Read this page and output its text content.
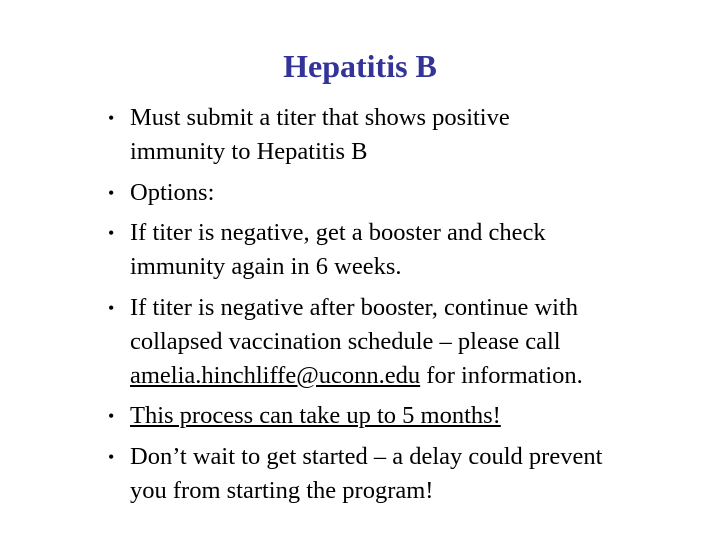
Hepatitis B
• Must submit a titer that shows positive
immunity to Hepatitis B
• Options:
• If titer is negative, get a booster and check
immunity again in 6 weeks.
• If titer is negative after booster, continue with
collapsed vaccination schedule – please call
amelia.hinchliffe@uconn.edu for information.
• This process can take up to 5 months!
• Don’t wait to get started – a delay could prevent
you from starting the program!
